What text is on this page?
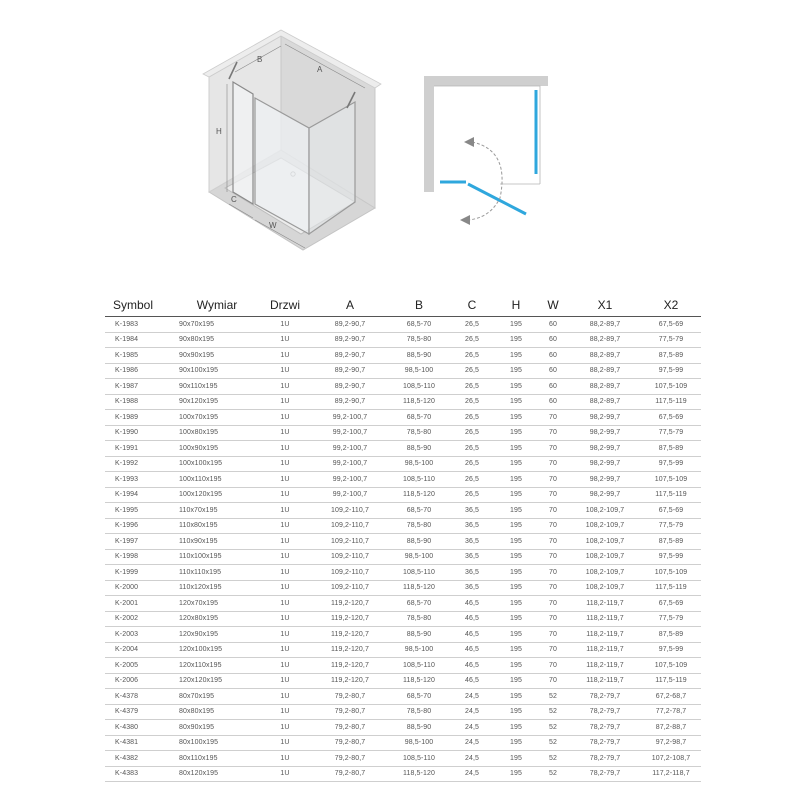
B
A
H
C
W
Symbol	Wymiar	Drzwi	A	B	C	H	W	X1	X2
K-1983	90x70x195	1U	89,2-90,7	68,5-70	26,5	195	60	88,2-89,7	67,5-69
K-1984	90x80x195	1U	89,2-90,7	78,5-80	26,5	195	60	88,2-89,7	77,5-79
K-1985	90x90x195	1U	89,2-90,7	88,5-90	26,5	195	60	88,2-89,7	87,5-89
K-1986	90x100x195	1U	89,2-90,7	98,5-100	26,5	195	60	88,2-89,7	97,5-99
K-1987	90x110x195	1U	89,2-90,7	108,5-110	26,5	195	60	88,2-89,7	107,5-109
K-1988	90x120x195	1U	89,2-90,7	118,5-120	26,5	195	60	88,2-89,7	117,5-119
K-1989	100x70x195	1U	99,2-100,7	68,5-70	26,5	195	70	98,2-99,7	67,5-69
K-1990	100x80x195	1U	99,2-100,7	78,5-80	26,5	195	70	98,2-99,7	77,5-79
K-1991	100x90x195	1U	99,2-100,7	88,5-90	26,5	195	70	98,2-99,7	87,5-89
K-1992	100x100x195	1U	99,2-100,7	98,5-100	26,5	195	70	98,2-99,7	97,5-99
K-1993	100x110x195	1U	99,2-100,7	108,5-110	26,5	195	70	98,2-99,7	107,5-109
K-1994	100x120x195	1U	99,2-100,7	118,5-120	26,5	195	70	98,2-99,7	117,5-119
K-1995	110x70x195	1U	109,2-110,7	68,5-70	36,5	195	70	108,2-109,7	67,5-69
K-1996	110x80x195	1U	109,2-110,7	78,5-80	36,5	195	70	108,2-109,7	77,5-79
K-1997	110x90x195	1U	109,2-110,7	88,5-90	36,5	195	70	108,2-109,7	87,5-89
K-1998	110x100x195	1U	109,2-110,7	98,5-100	36,5	195	70	108,2-109,7	97,5-99
K-1999	110x110x195	1U	109,2-110,7	108,5-110	36,5	195	70	108,2-109,7	107,5-109
K-2000	110x120x195	1U	109,2-110,7	118,5-120	36,5	195	70	108,2-109,7	117,5-119
K-2001	120x70x195	1U	119,2-120,7	68,5-70	46,5	195	70	118,2-119,7	67,5-69
K-2002	120x80x195	1U	119,2-120,7	78,5-80	46,5	195	70	118,2-119,7	77,5-79
K-2003	120x90x195	1U	119,2-120,7	88,5-90	46,5	195	70	118,2-119,7	87,5-89
K-2004	120x100x195	1U	119,2-120,7	98,5-100	46,5	195	70	118,2-119,7	97,5-99
K-2005	120x110x195	1U	119,2-120,7	108,5-110	46,5	195	70	118,2-119,7	107,5-109
K-2006	120x120x195	1U	119,2-120,7	118,5-120	46,5	195	70	118,2-119,7	117,5-119
K-4378	80x70x195	1U	79,2-80,7	68,5-70	24,5	195	52	78,2-79,7	67,2-68,7
K-4379	80x80x195	1U	79,2-80,7	78,5-80	24,5	195	52	78,2-79,7	77,2-78,7
K-4380	80x90x195	1U	79,2-80,7	88,5-90	24,5	195	52	78,2-79,7	87,2-88,7
K-4381	80x100x195	1U	79,2-80,7	98,5-100	24,5	195	52	78,2-79,7	97,2-98,7
K-4382	80x110x195	1U	79,2-80,7	108,5-110	24,5	195	52	78,2-79,7	107,2-108,7
K-4383	80x120x195	1U	79,2-80,7	118,5-120	24,5	195	52	78,2-79,7	117,2-118,7
